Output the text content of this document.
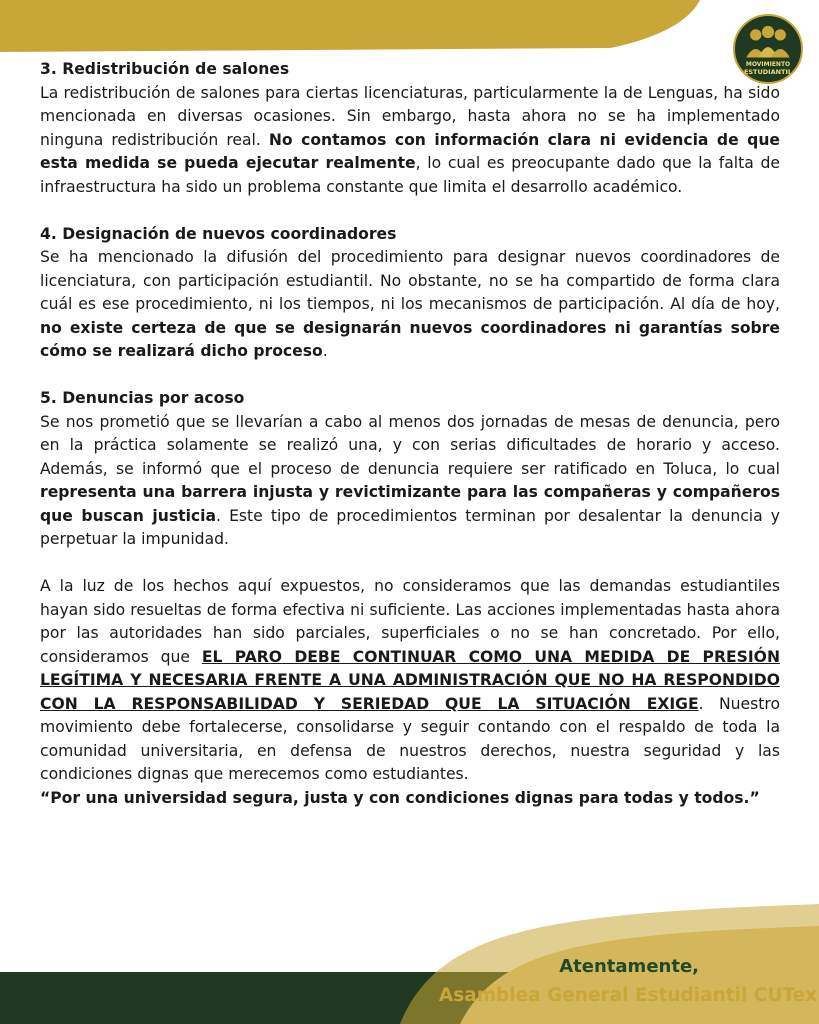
MOVIMIENTO
ESTUDIANTIL
3. Redistribución de salones

La redistribución de salones para ciertas licenciaturas, particularmente la de Lenguas, ha sido mencionada en diversas ocasiones. Sin embargo, hasta ahora no se ha implementado ninguna redistribución real. No contamos con información clara ni evidencia de que esta medida se pueda ejecutar realmente, lo cual es preocupante dado que la falta de infraestructura ha sido un problema constante que limita el desarrollo académico.

4. Designación de nuevos coordinadores

Se ha mencionado la difusión del procedimiento para designar nuevos coordinadores de licenciatura, con participación estudiantil. No obstante, no se ha compartido de forma clara cuál es ese procedimiento, ni los tiempos, ni los mecanismos de participación. Al día de hoy, no existe certeza de que se designarán nuevos coordinadores ni garantías sobre cómo se realizará dicho proceso.

5. Denuncias por acoso

Se nos prometió que se llevarían a cabo al menos dos jornadas de mesas de denuncia, pero en la práctica solamente se realizó una, y con serias dificultades de horario y acceso. Además, se informó que el proceso de denuncia requiere ser ratificado en Toluca, lo cual representa una barrera injusta y revictimizante para las compañeras y compañeros que buscan justicia. Este tipo de procedimientos terminan por desalentar la denuncia y perpetuar la impunidad.

A la luz de los hechos aquí expuestos, no consideramos que las demandas estudiantiles hayan sido resueltas de forma efectiva ni suficiente. Las acciones implementadas hasta ahora por las autoridades han sido parciales, superficiales o no se han concretado. Por ello, consideramos que EL PARO DEBE CONTINUAR COMO UNA MEDIDA DE PRESIÓN LEGÍTIMA Y NECESARIA FRENTE A UNA ADMINISTRACIÓN QUE NO HA RESPONDIDO CON LA RESPONSABILIDAD Y SERIEDAD QUE LA SITUACIÓN EXIGE. Nuestro movimiento debe fortalecerse, consolidarse y seguir contando con el respaldo de toda la comunidad universitaria, en defensa de nuestros derechos, nuestra seguridad y las condiciones dignas que merecemos como estudiantes.

“Por una universidad segura, justa y con condiciones dignas para todas y todos.”

Atentamente,
Asamblea General Estudiantil CUTex
